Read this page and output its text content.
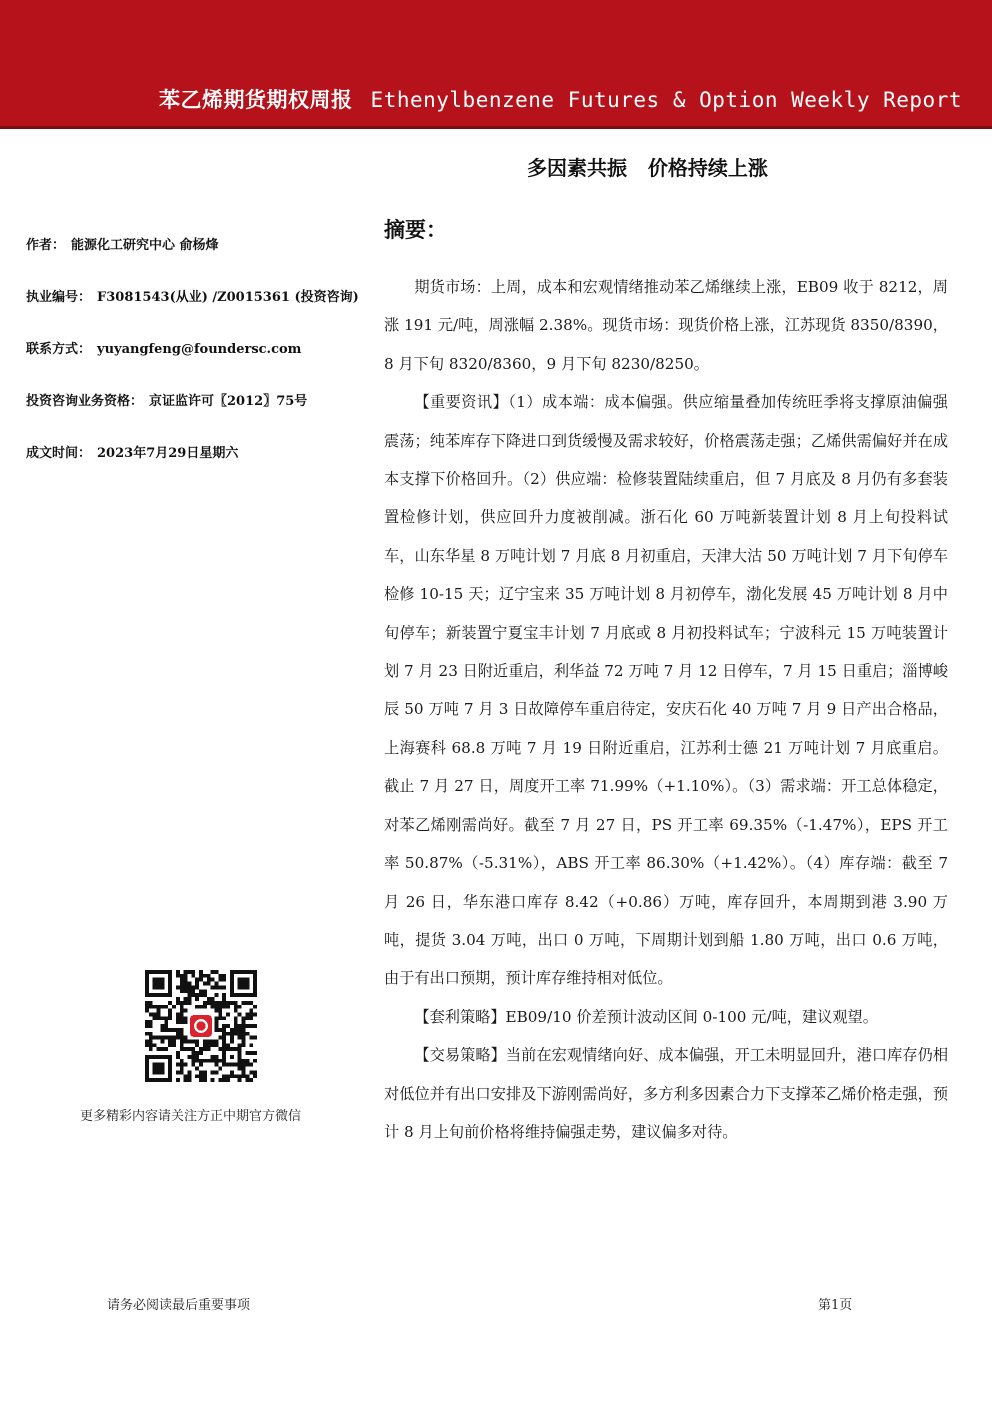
苯乙烯期货期权周报 Ethenylbenzene Futures & Option Weekly Report
多因素共振   价格持续上涨
作者： 能源化工研究中心 俞杨烽
执业编号： F3081543(从业) /Z0015361 (投资咨询)
联系方式： yuyangfeng@foundersc.com
投资咨询业务资格： 京证监许可〖2012〗75号
成文时间： 2023年7月29日星期六
更多精彩内容请关注方正中期官方微信
摘要：

期货市场：上周，成本和宏观情绪推动苯乙烯继续上涨，EB09 收于 8212，周涨 191 元/吨，周涨幅 2.38%。现货市场：现货价格上涨，江苏现货 8350/8390，8 月下旬 8320/8360，9 月下旬 8230/8250。

【重要资讯】（1）成本端：成本偏强。供应缩量叠加传统旺季将支撑原油偏强震荡；纯苯库存下降进口到货缓慢及需求较好，价格震荡走强；乙烯供需偏好并在成本支撑下价格回升。（2）供应端：检修装置陆续重启，但 7 月底及 8 月仍有多套装置检修计划，供应回升力度被削减。浙石化 60 万吨新装置计划 8 月上旬投料试车，山东华星 8 万吨计划 7 月底 8 月初重启，天津大沽 50 万吨计划 7 月下旬停车检修 10-15 天；辽宁宝来 35 万吨计划 8 月初停车，渤化发展 45 万吨计划 8 月中旬停车；新装置宁夏宝丰计划 7 月底或 8 月初投料试车；宁波科元 15 万吨装置计划 7 月 23 日附近重启，利华益 72 万吨 7 月 12 日停车，7 月 15 日重启；淄博峻辰 50 万吨 7 月 3 日故障停车重启待定，安庆石化 40 万吨 7 月 9 日产出合格品，上海赛科 68.8 万吨 7 月 19 日附近重启，江苏利士德 21 万吨计划 7 月底重启。截止 7 月 27 日，周度开工率 71.99%（+1.10%）。（3）需求端：开工总体稳定，对苯乙烯刚需尚好。截至 7 月 27 日，PS 开工率 69.35%（-1.47%），EPS 开工率 50.87%（-5.31%），ABS 开工率 86.30%（+1.42%）。（4）库存端：截至 7 月 26 日，华东港口库存 8.42（+0.86）万吨，库存回升，本周期到港 3.90 万吨，提货 3.04 万吨，出口 0 万吨，下周期计划到船 1.80 万吨，出口 0.6 万吨，由于有出口预期，预计库存维持相对低位。

【套利策略】EB09/10 价差预计波动区间 0-100 元/吨，建议观望。

【交易策略】当前在宏观情绪向好、成本偏强，开工未明显回升，港口库存仍相对低位并有出口安排及下游刚需尚好，多方利多因素合力下支撑苯乙烯价格走强，预计 8 月上旬前价格将维持偏强走势，建议偏多对待。

请务必阅读最后重要事项	第1页
